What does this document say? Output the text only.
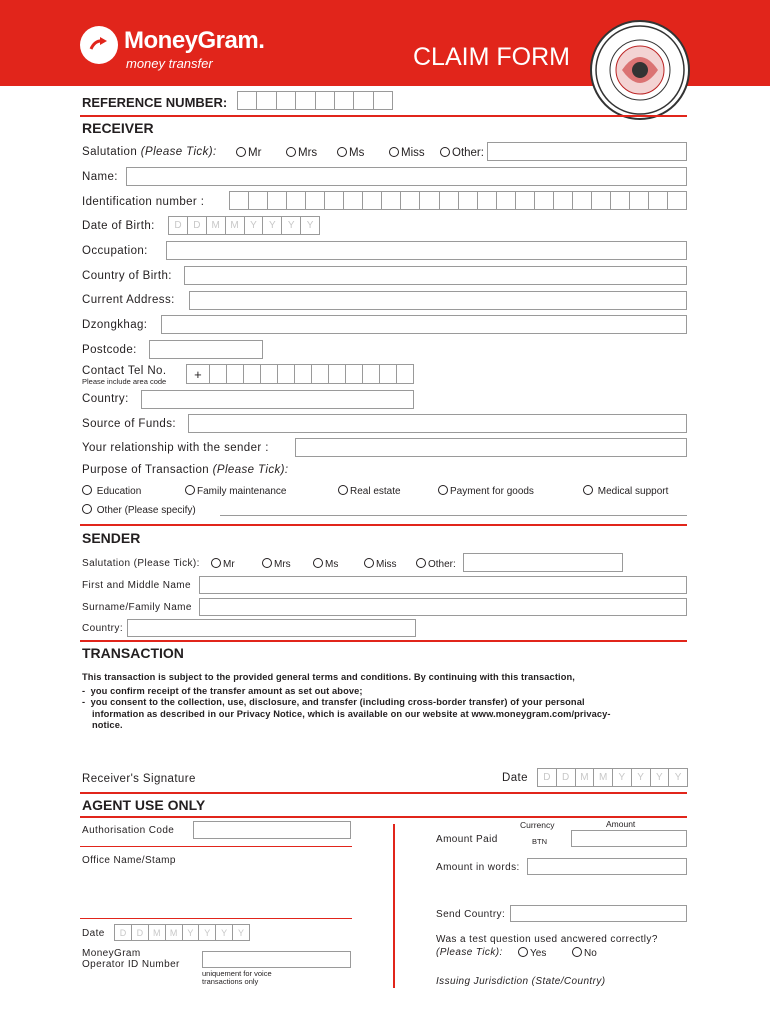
MoneyGram.
money transfer	CLAIM FORM
REFERENCE NUMBER:
RECEIVER
Salutation (Please Tick):	Mr	Mrs	Ms	Miss	Other:
Name:
Identification number :
Date of Birth:	D	D	M	M	Y	Y	Y	Y
Occupation:
Country of Birth:
Current Address:
Dzongkhag:
Postcode:
Contact Tel No.
Please include area code	+
Country:
Source of Funds:
Your relationship with the sender :
Purpose of Transaction (Please Tick):
Education	Family maintenance	Real estate	Payment for goods	Medical support
Other (Please specify)
SENDER
Salutation (Please Tick):	Mr	Mrs	Ms	Miss	Other:
First and Middle Name
Surname/Family Name
Country:
TRANSACTION
This transaction is subject to the provided general terms and conditions. By continuing with this transaction,
-  you confirm receipt of the transfer amount as set out above;
-  you consent to the collection, use, disclosure, and transfer (including cross-border transfer) of your personal
information as described in our Privacy Notice, which is available on our website at www.moneygram.com/privacy-
notice.
Receiver's Signature	Date	D	D	M	M	Y	Y	Y	Y
AGENT USE ONLY
Authorisation Code
Office Name/Stamp
Date	D	D	M	M	Y	Y	Y	Y
MoneyGram
Operator ID Number
uniquement for voice
transactions only
Currency	Amount
Amount Paid	BTN
Amount in words:
Send Country:
Was a test question used ancwered correctly?
(Please Tick):	Yes	No
Issuing Jurisdiction (State/Country)
